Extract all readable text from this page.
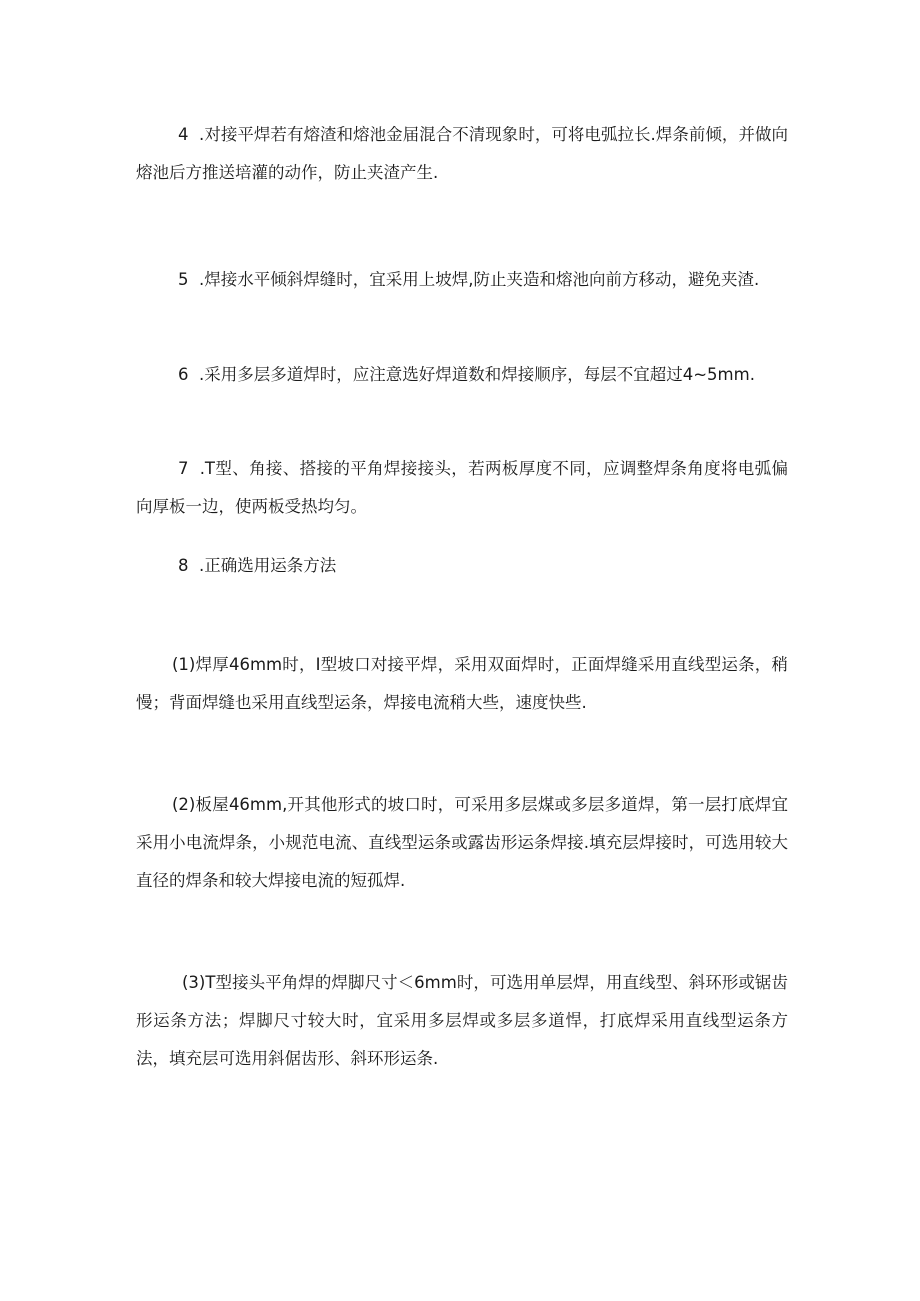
4  .对接平焊若有熔渣和熔池金届混合不清现象时，可将电弧拉长.焊条前倾，并做向熔池后方推送培灌的动作，防止夹渣产生.

5  .焊接水平倾斜焊缝时，宜采用上坡焊,防止夹造和熔池向前方移动，避免夹渣.

6  .采用多层多道焊时，应注意选好焊道数和焊接顺序，每层不宜超过4~5mm.

7  .T型、角接、搭接的平角焊接接头，若两板厚度不同，应调整焊条角度将电弧偏向厚板一边，使两板受热均匀。

8  .正确选用运条方法

(1)焊厚46mm时，I型坡口对接平焊，采用双面焊时，正面焊缝采用直线型运条，稍慢；背面焊缝也采用直线型运条，焊接电流稍大些，速度快些.

(2)板屋46mm,开其他形式的坡口时，可采用多层煤或多层多道焊，第一层打底焊宜采用小电流焊条，小规范电流、直线型运条或露齿形运条焊接.填充层焊接时，可选用较大直径的焊条和较大焊接电流的短孤焊.

(3)T型接头平角焊的焊脚尺寸＜6mm时，可选用单层焊，用直线型、斜环形或锯齿形运条方法；焊脚尺寸较大时，宜采用多层焊或多层多道悍，打底焊采用直线型运条方法，填充层可选用斜倨齿形、斜环形运条.
